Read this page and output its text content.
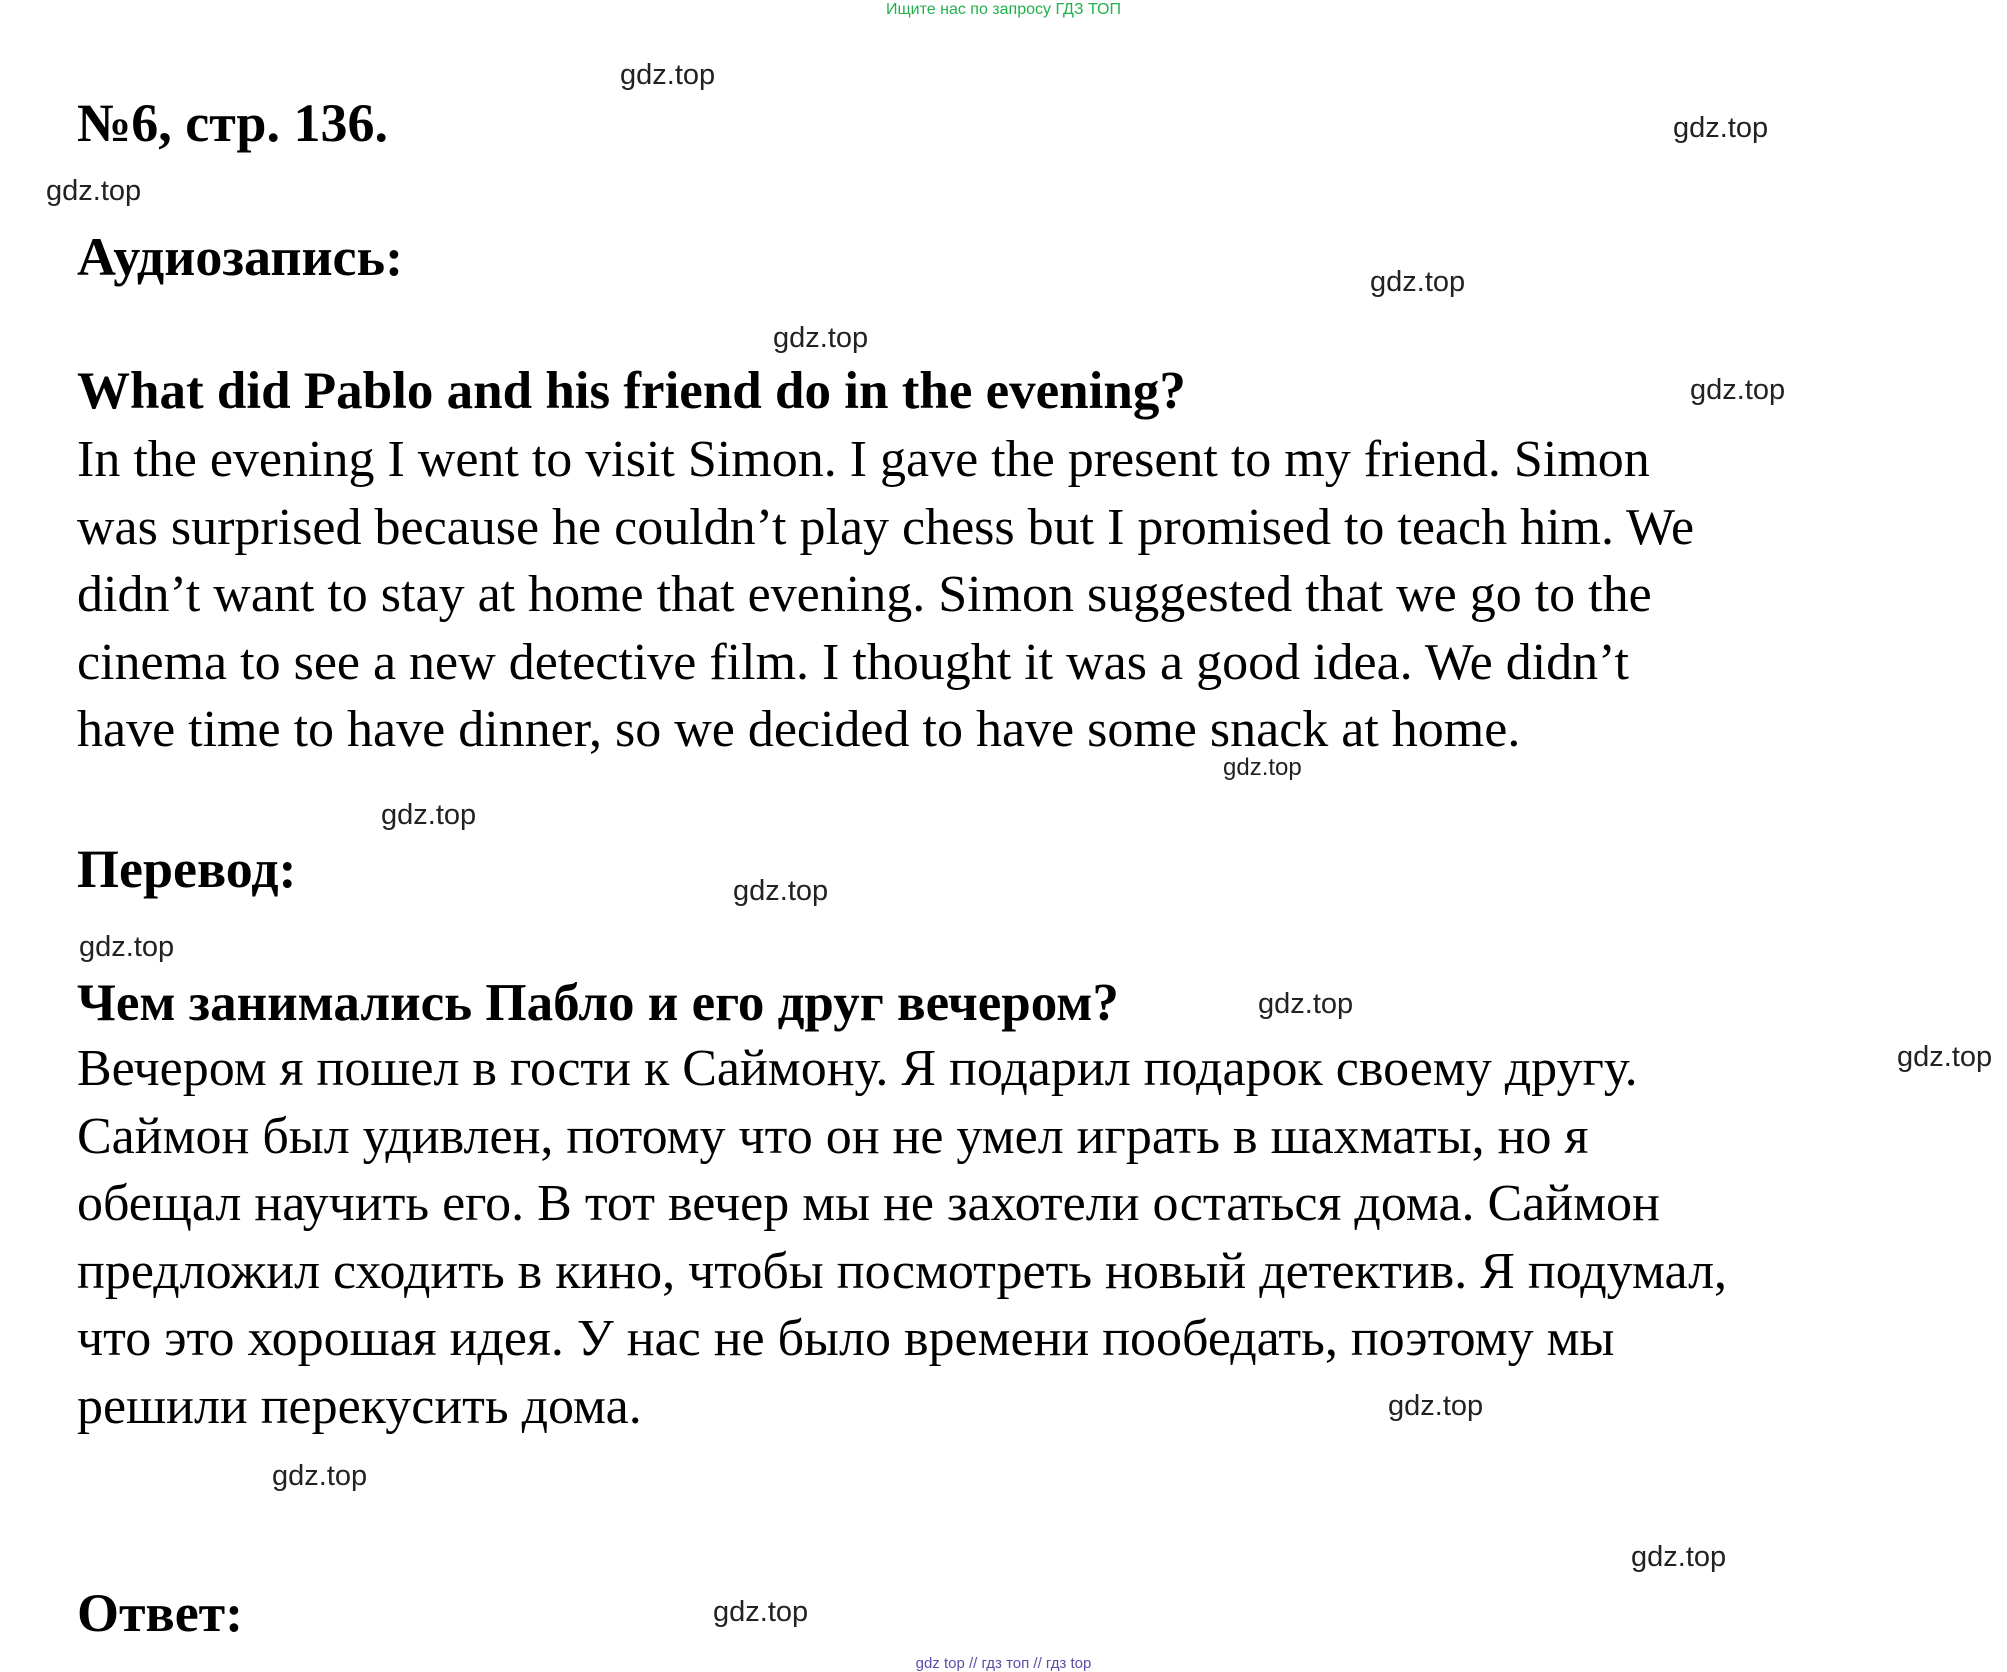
Ищите нас по запросу ГДЗ ТОП
gdz.top
gdz.top
gdz.top
gdz.top
gdz.top
gdz.top
gdz.top
gdz.top
gdz.top
gdz.top
gdz.top
gdz.top
gdz.top
gdz.top
gdz.top
gdz.top
№6, стр. 136.
Аудиозапись:
What did Pablo and his friend do in the evening?
In the evening I went to visit Simon. I gave the present to my friend. Simon
was surprised because he couldn’t play chess but I promised to teach him. We
didn’t want to stay at home that evening. Simon suggested that we go to the
cinema to see a new detective film. I thought it was a good idea. We didn’t
have time to have dinner, so we decided to have some snack at home.
Перевод:
Чем занимались Пабло и его друг вечером?
Вечером я пошел в гости к Саймону. Я подарил подарок своему другу.
Саймон был удивлен, потому что он не умел играть в шахматы, но я
обещал научить его. В тот вечер мы не захотели остаться дома. Саймон
предложил сходить в кино, чтобы посмотреть новый детектив. Я подумал,
что это хорошая идея. У нас не было времени пообедать, поэтому мы
решили перекусить дома.
Ответ:
gdz top // гдз топ // гдз top
